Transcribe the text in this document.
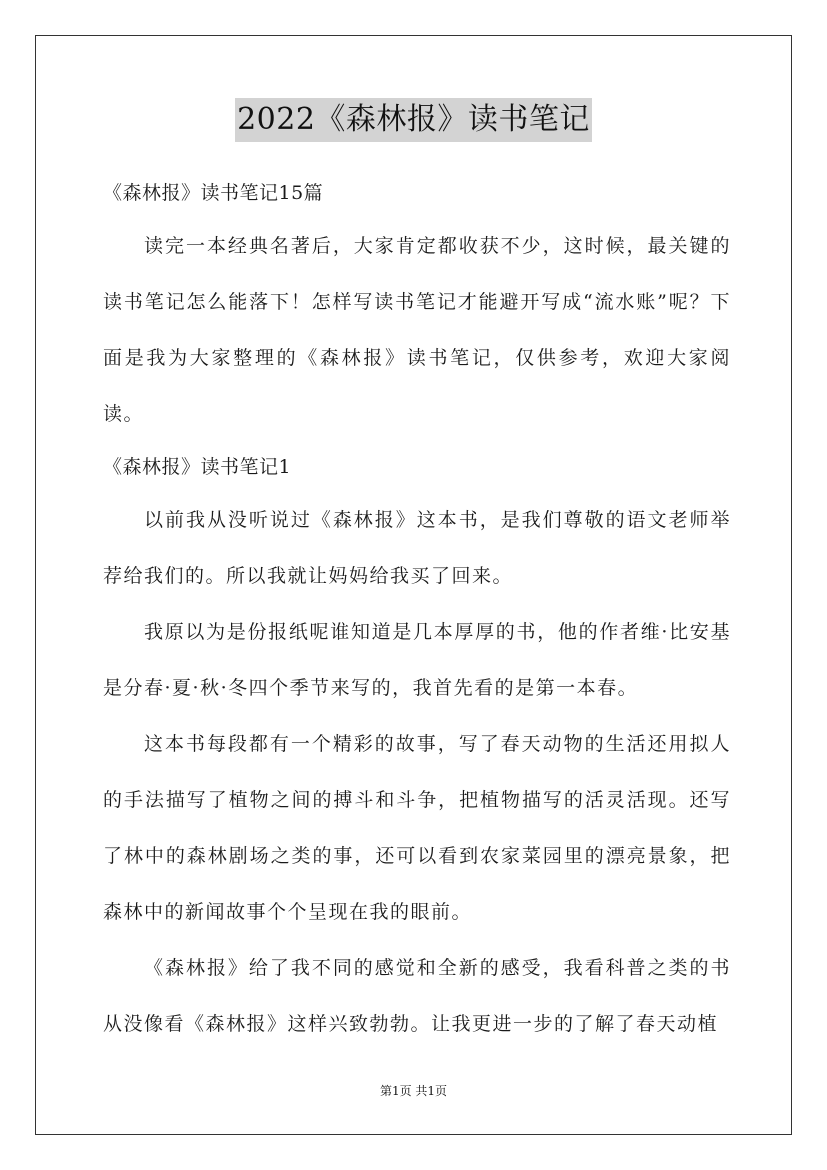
2022《森林报》读书笔记

《森林报》读书笔记15篇

读完一本经典名著后，大家肯定都收获不少，这时候，最关键的读书笔记怎么能落下！怎样写读书笔记才能避开写成“流水账”呢？下面是我为大家整理的《森林报》读书笔记，仅供参考，欢迎大家阅读。

《森林报》读书笔记1

以前我从没听说过《森林报》这本书，是我们尊敬的语文老师举荐给我们的。所以我就让妈妈给我买了回来。

我原以为是份报纸呢谁知道是几本厚厚的书，他的作者维·比安基是分春·夏·秋·冬四个季节来写的，我首先看的是第一本春。

这本书每段都有一个精彩的故事，写了春天动物的生活还用拟人的手法描写了植物之间的搏斗和斗争，把植物描写的活灵活现。还写了林中的森林剧场之类的事，还可以看到农家菜园里的漂亮景象，把森林中的新闻故事个个呈现在我的眼前。

《森林报》给了我不同的感觉和全新的感受，我看科普之类的书从没像看《森林报》这样兴致勃勃。让我更进一步的了解了春天动植

第1页 共1页
